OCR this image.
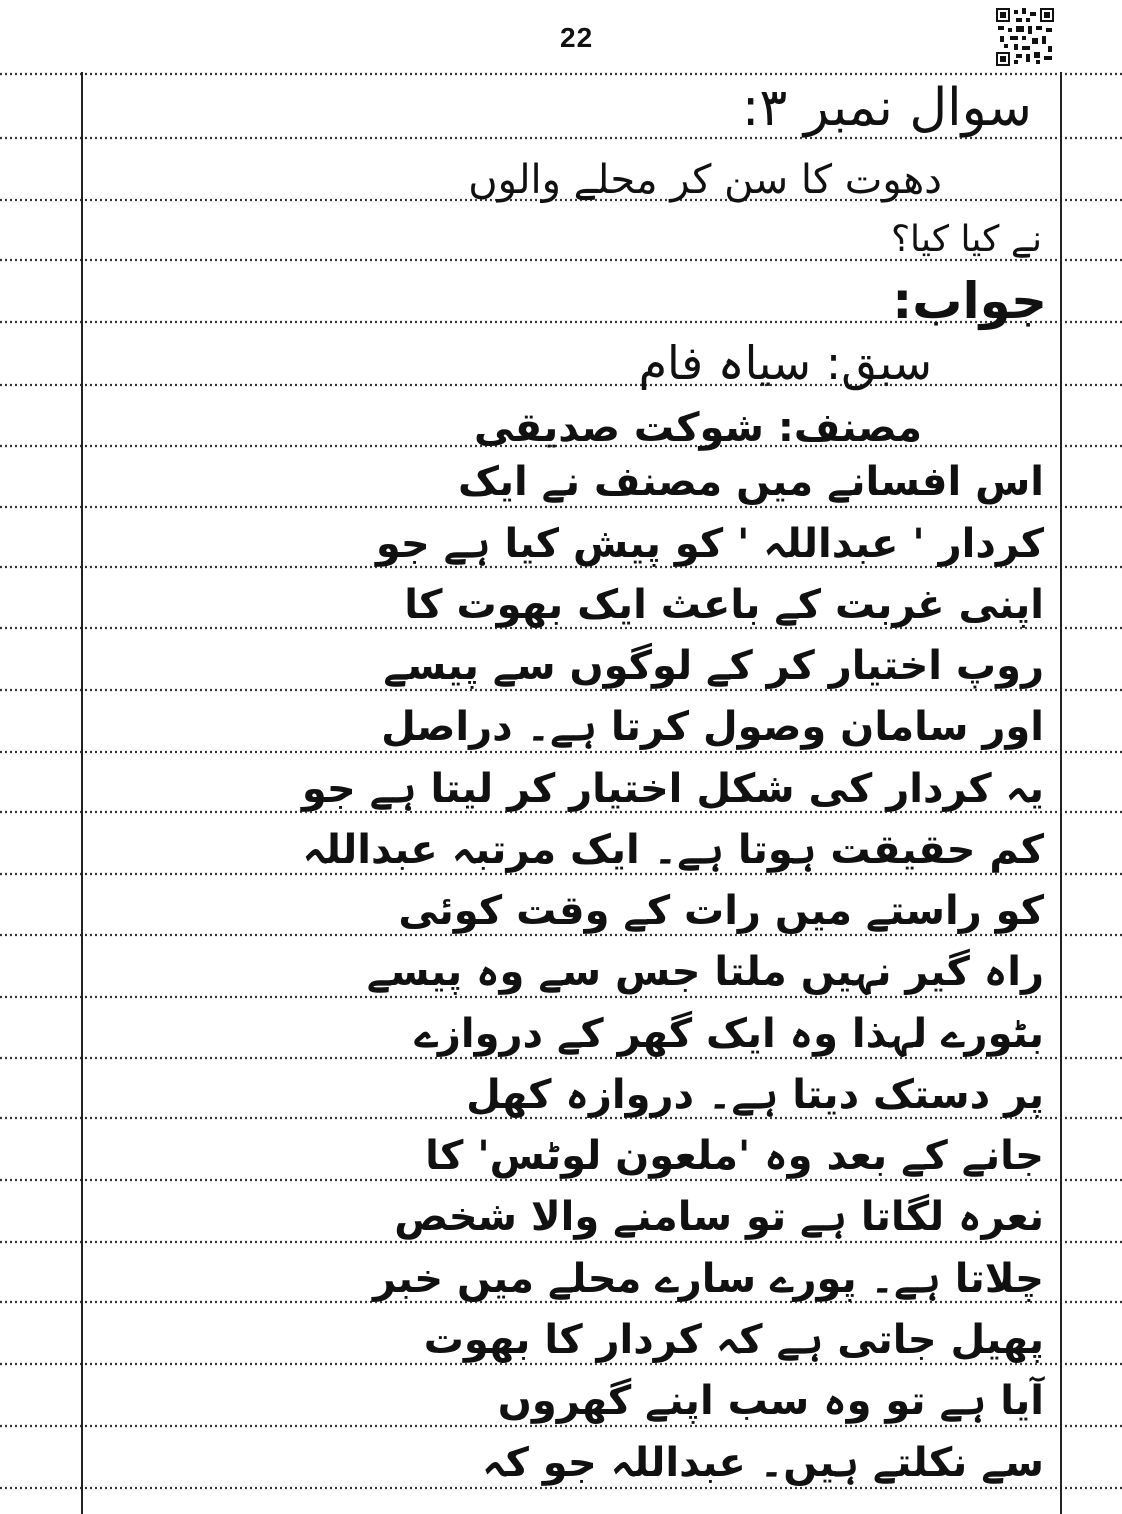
22
سوال نمبر ۳:
دھوت کا سن کر محلے والوں
نے کیا کیا؟
جواب:
سبق: سیاہ فام
مصنف: شوکت صدیقی
اس افسانے میں مصنف نے ایک
کردار ' عبداللہ ' کو پیش کیا ہے جو
اپنی غربت کے باعث ایک بھوت کا
روپ اختیار کر کے لوگوں سے پیسے
اور سامان وصول کرتا ہے۔ دراصل
یہ کردار کی شکل اختیار کر لیتا ہے جو
کم حقیقت ہوتا ہے۔ ایک مرتبہ عبداللہ
کو راستے میں رات کے وقت کوئی
راہ گیر نہیں ملتا جس سے وہ پیسے
بٹورے لہذا وہ ایک گھر کے دروازے
پر دستک دیتا ہے۔ دروازہ کھل
جانے کے بعد وہ 'ملعون لوٹس' کا
نعرہ لگاتا ہے تو سامنے والا شخص
چلاتا ہے۔ پورے سارے محلے میں خبر
پھیل جاتی ہے کہ کردار کا بھوت
آیا ہے تو وہ سب اپنے گھروں
سے نکلتے ہیں۔ عبداللہ جو کہ
